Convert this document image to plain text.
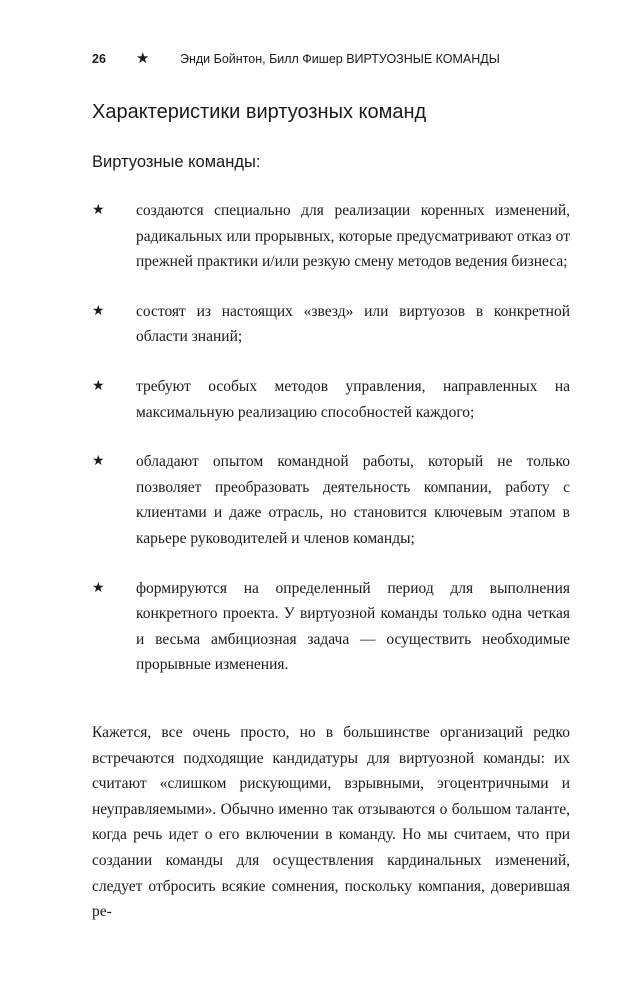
26 ★ Энди Бойнтон, Билл Фишер ВИРТУОЗНЫЕ КОМАНДЫ
Характеристики виртуозных команд
Виртуозные команды:
★ создаются специально для реализации коренных изменений, радикальных или прорывных, которые предусматривают отказ от прежней практики и/или резкую смену методов ведения бизнеса;
★ состоят из настоящих «звезд» или виртуозов в конкретной области знаний;
★ требуют особых методов управления, направленных на максимальную реализацию способностей каждого;
★ обладают опытом командной работы, который не только позволяет преобразовать деятельность компании, работу с клиентами и даже отрасль, но становится ключевым этапом в карьере руководителей и членов команды;
★ формируются на определенный период для выполнения конкретного проекта. У виртуозной команды только одна четкая и весьма амбициозная задача — осуществить необходимые прорывные изменения.

Кажется, все очень просто, но в большинстве организаций редко встречаются подходящие кандидатуры для виртуозной команды: их считают «слишком рискующими, взрывными, эгоцентричными и неуправляемыми». Обычно именно так отзываются о большом таланте, когда речь идет о его включении в команду. Но мы считаем, что при создании команды для осуществления кардинальных изменений, следует отбросить всякие сомнения, поскольку компания, доверившая ре-
